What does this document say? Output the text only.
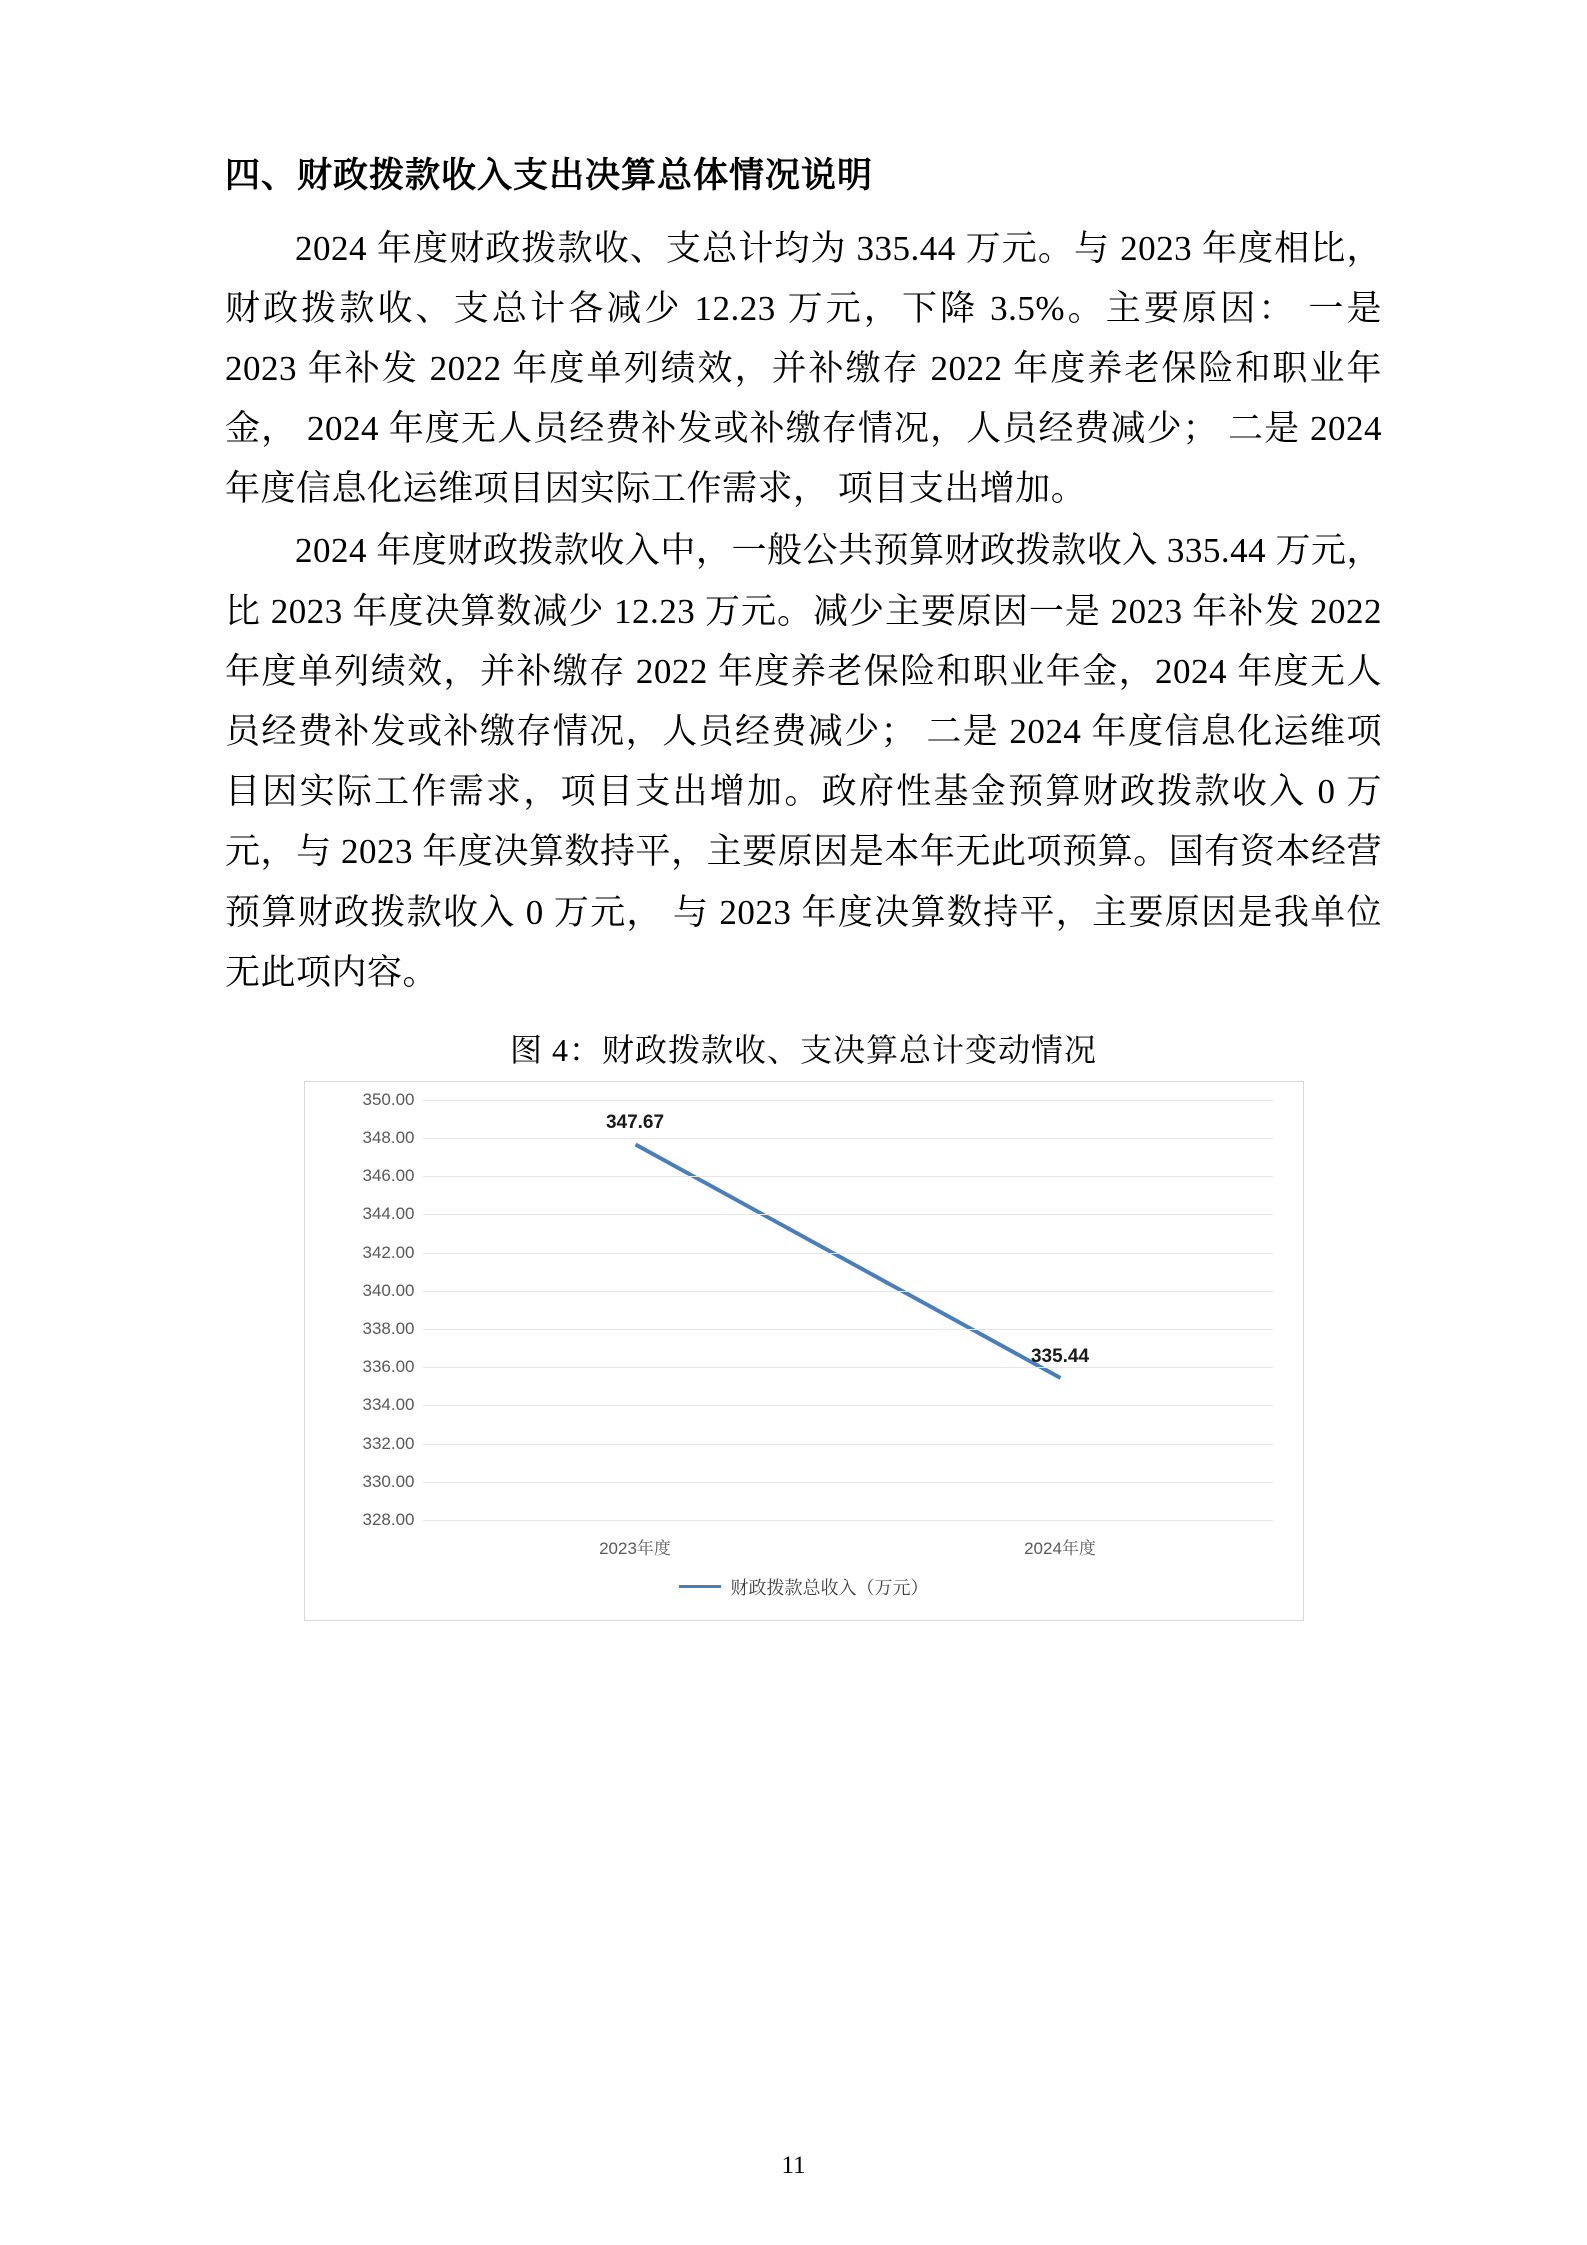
四、财政拨款收入支出决算总体情况说明

2024 年度财政拨款收、支总计均为 335.44 万元。与 2023 年度相比，财政拨款收、支总计各减少 12.23 万元，下降 3.5%。主要原因： 一是 2023 年补发 2022 年度单列绩效，并补缴存 2022 年度养老保险和职业年金， 2024 年度无人员经费补发或补缴存情况，人员经费减少； 二是 2024 年度信息化运维项目因实际工作需求， 项目支出增加。

2024 年度财政拨款收入中，一般公共预算财政拨款收入 335.44 万元， 比 2023 年度决算数减少 12.23 万元。减少主要原因一是 2023 年补发 2022 年度单列绩效，并补缴存 2022 年度养老保险和职业年金，2024 年度无人员经费补发或补缴存情况，人员经费减少； 二是 2024 年度信息化运维项目因实际工作需求，项目支出增加。政府性基金预算财政拨款收入 0 万元，与 2023 年度决算数持平，主要原因是本年无此项预算。国有资本经营预算财政拨款收入 0 万元， 与 2023 年度决算数持平，主要原因是我单位无此项内容。

图 4：财政拨款收、支决算总计变动情况
350.00
348.00
346.00
344.00
342.00
340.00
338.00
336.00
334.00
332.00
330.00
328.00
347.67
335.44
2023年度	2024年度
财政拨款总收入（万元）
11
